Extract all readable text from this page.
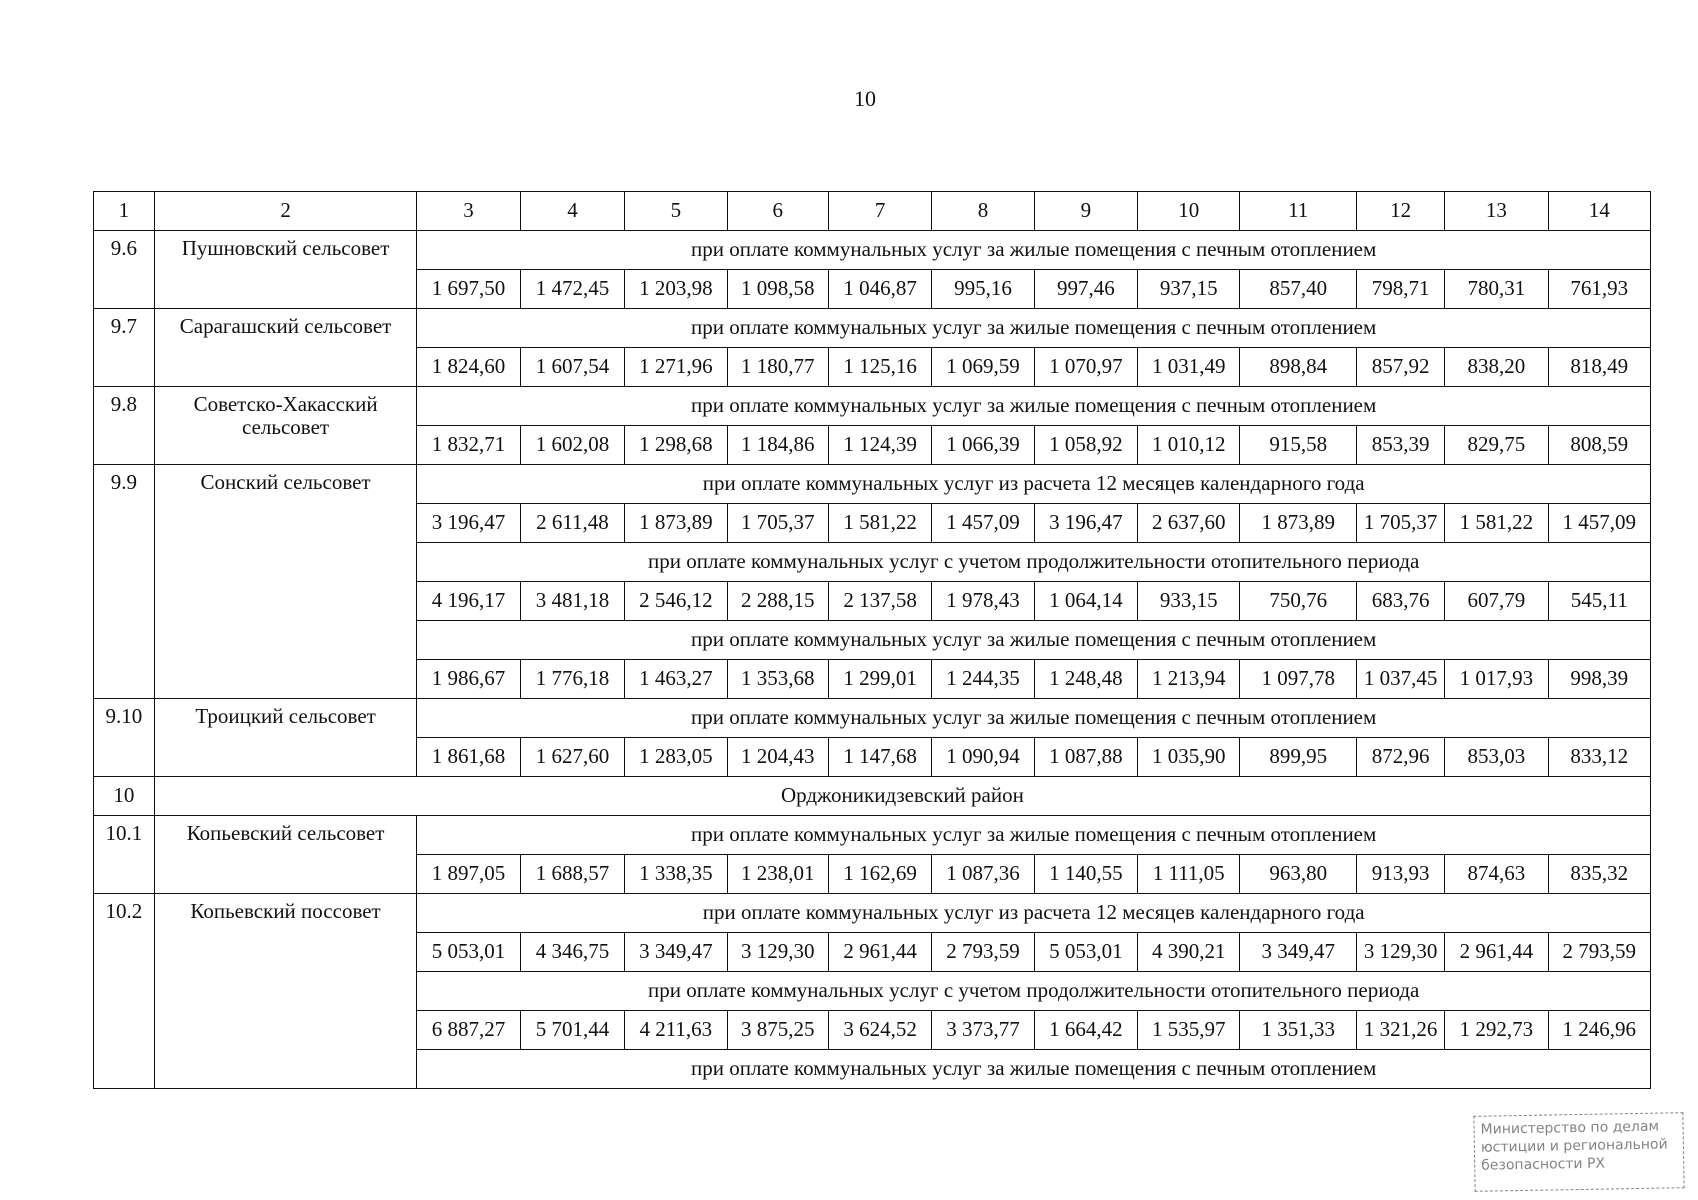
10
1	2	3	4	5	6	7	8	9	10	11	12	13	14
9.6	Пушновский сельсовет	при оплате коммунальных услуг за жилые помещения с печным отоплением											
		1 697,50	1 472,45	1 203,98	1 098,58	1 046,87	995,16	997,46	937,15	857,40	798,71	780,31	761,93
9.7	Сарагашский сельсовет	при оплате коммунальных услуг за жилые помещения с печным отоплением											
		1 824,60	1 607,54	1 271,96	1 180,77	1 125,16	1 069,59	1 070,97	1 031,49	898,84	857,92	838,20	818,49
9.8	Советско-Хакасский сельсовет	при оплате коммунальных услуг за жилые помещения с печным отоплением											
		1 832,71	1 602,08	1 298,68	1 184,86	1 124,39	1 066,39	1 058,92	1 010,12	915,58	853,39	829,75	808,59
9.9	Сонский сельсовет	при оплате коммунальных услуг из расчета 12 месяцев календарного года											
		3 196,47	2 611,48	1 873,89	1 705,37	1 581,22	1 457,09	3 196,47	2 637,60	1 873,89	1 705,37	1 581,22	1 457,09
		при оплате коммунальных услуг с учетом продолжительности отопительного периода											
		4 196,17	3 481,18	2 546,12	2 288,15	2 137,58	1 978,43	1 064,14	933,15	750,76	683,76	607,79	545,11
		при оплате коммунальных услуг за жилые помещения с печным отоплением											
		1 986,67	1 776,18	1 463,27	1 353,68	1 299,01	1 244,35	1 248,48	1 213,94	1 097,78	1 037,45	1 017,93	998,39
9.10	Троицкий сельсовет	при оплате коммунальных услуг за жилые помещения с печным отоплением											
		1 861,68	1 627,60	1 283,05	1 204,43	1 147,68	1 090,94	1 087,88	1 035,90	899,95	872,96	853,03	833,12
10	Орджоникидзевский район												
10.1	Копьевский сельсовет	при оплате коммунальных услуг за жилые помещения с печным отоплением											
		1 897,05	1 688,57	1 338,35	1 238,01	1 162,69	1 087,36	1 140,55	1 111,05	963,80	913,93	874,63	835,32
10.2	Копьевский поссовет	при оплате коммунальных услуг из расчета 12 месяцев календарного года											
		5 053,01	4 346,75	3 349,47	3 129,30	2 961,44	2 793,59	5 053,01	4 390,21	3 349,47	3 129,30	2 961,44	2 793,59
		при оплате коммунальных услуг с учетом продолжительности отопительного периода											
		6 887,27	5 701,44	4 211,63	3 875,25	3 624,52	3 373,77	1 664,42	1 535,97	1 351,33	1 321,26	1 292,73	1 246,96
		при оплате коммунальных услуг за жилые помещения с печным отоплением											
Министерство по делам
юстиции и региональной
безопасности РХ
